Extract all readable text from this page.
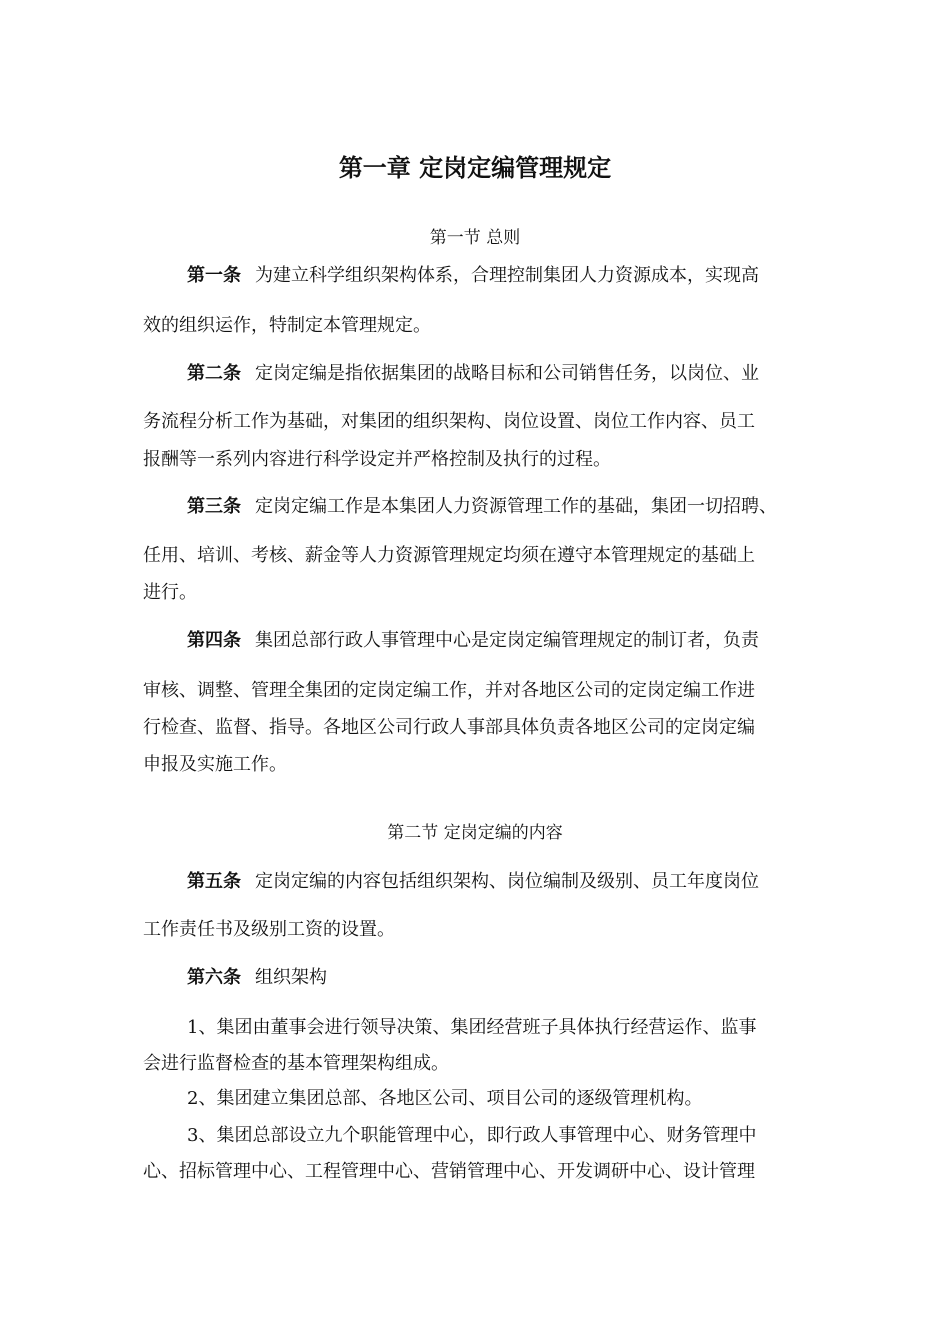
第一章 定岗定编管理规定
第一节 总则
第一条 为建立科学组织架构体系，合理控制集团人力资源成本，实现高
效的组织运作，特制定本管理规定。
第二条 定岗定编是指依据集团的战略目标和公司销售任务，以岗位、业
务流程分析工作为基础，对集团的组织架构、岗位设置、岗位工作内容、员工
报酬等一系列内容进行科学设定并严格控制及执行的过程。
第三条 定岗定编工作是本集团人力资源管理工作的基础，集团一切招聘、
任用、培训、考核、薪金等人力资源管理规定均须在遵守本管理规定的基础上
进行。
第四条 集团总部行政人事管理中心是定岗定编管理规定的制订者，负责
审核、调整、管理全集团的定岗定编工作，并对各地区公司的定岗定编工作进
行检查、监督、指导。各地区公司行政人事部具体负责各地区公司的定岗定编
申报及实施工作。
第二节 定岗定编的内容
第五条 定岗定编的内容包括组织架构、岗位编制及级别、员工年度岗位
工作责任书及级别工资的设置。
第六条 组织架构
1、集团由董事会进行领导决策、集团经营班子具体执行经营运作、监事
会进行监督检查的基本管理架构组成。
2、集团建立集团总部、各地区公司、项目公司的逐级管理机构。
3、集团总部设立九个职能管理中心，即行政人事管理中心、财务管理中
心、招标管理中心、工程管理中心、营销管理中心、开发调研中心、设计管理
